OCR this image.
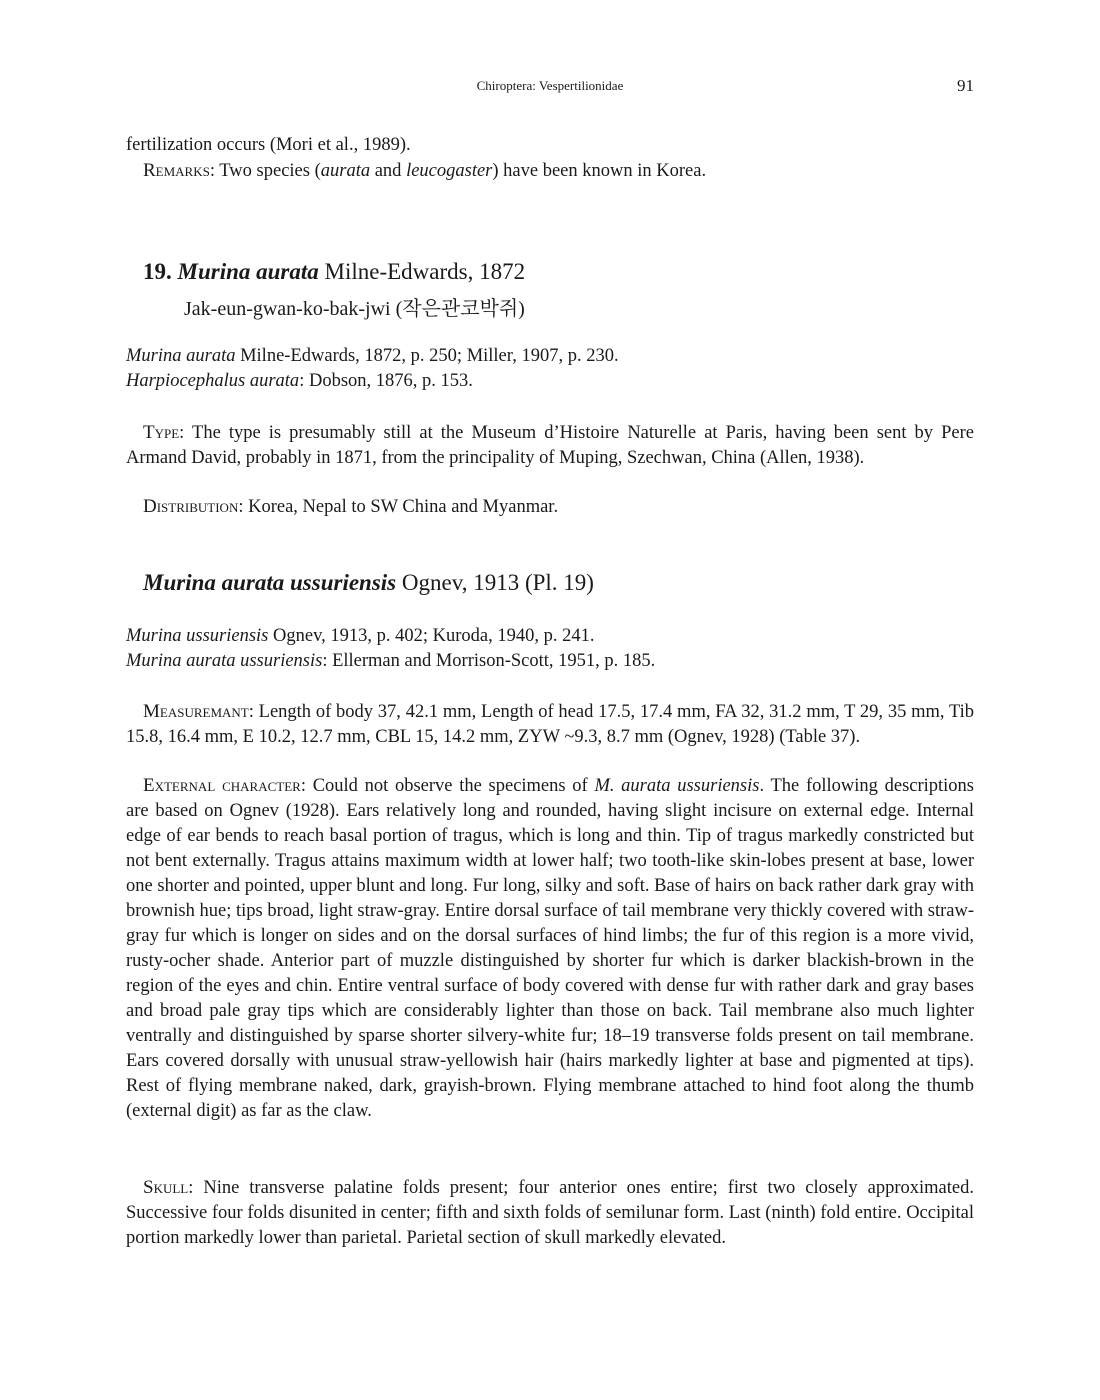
Chiroptera: Vespertilionidae	91
fertilization occurs (Mori et al., 1989).
Remarks: Two species (aurata and leucogaster) have been known in Korea.
19. Murina aurata Milne-Edwards, 1872
Jak-eun-gwan-ko-bak-jwi (작은관코박쥐)
Murina aurata Milne-Edwards, 1872, p. 250; Miller, 1907, p. 230.
Harpiocephalus aurata: Dobson, 1876, p. 153.
Type: The type is presumably still at the Museum d’Histoire Naturelle at Paris, having been sent by Pere Armand David, probably in 1871, from the principality of Muping, Szechwan, China (Allen, 1938).
Distribution: Korea, Nepal to SW China and Myanmar.
Murina aurata ussuriensis Ognev, 1913 (Pl. 19)
Murina ussuriensis Ognev, 1913, p. 402; Kuroda, 1940, p. 241.
Murina aurata ussuriensis: Ellerman and Morrison-Scott, 1951, p. 185.
Measuremant: Length of body 37, 42.1 mm, Length of head 17.5, 17.4 mm, FA 32, 31.2 mm, T 29, 35 mm, Tib 15.8, 16.4 mm, E 10.2, 12.7 mm, CBL 15, 14.2 mm, ZYW ~9.3, 8.7 mm (Ognev, 1928) (Table 37).
External character: Could not observe the specimens of M. aurata ussuriensis. The following descriptions are based on Ognev (1928). Ears relatively long and rounded, having slight incisure on external edge. Internal edge of ear bends to reach basal portion of tragus, which is long and thin. Tip of tragus markedly constricted but not bent externally. Tragus attains maximum width at lower half; two tooth-like skin-lobes present at base, lower one shorter and pointed, upper blunt and long. Fur long, silky and soft. Base of hairs on back rather dark gray with brownish hue; tips broad, light straw-gray. Entire dorsal surface of tail membrane very thickly covered with straw-gray fur which is longer on sides and on the dorsal surfaces of hind limbs; the fur of this region is a more vivid, rusty-ocher shade. Anterior part of muzzle distinguished by shorter fur which is darker blackish-brown in the region of the eyes and chin. Entire ventral surface of body covered with dense fur with rather dark and gray bases and broad pale gray tips which are considerably lighter than those on back. Tail membrane also much lighter ventrally and distinguished by sparse shorter silvery-white fur; 18–19 transverse folds present on tail membrane. Ears covered dorsally with unusual straw-yellowish hair (hairs markedly lighter at base and pigmented at tips). Rest of flying membrane naked, dark, grayish-brown. Flying membrane attached to hind foot along the thumb (external digit) as far as the claw.
Skull: Nine transverse palatine folds present; four anterior ones entire; first two closely approximated. Successive four folds disunited in center; fifth and sixth folds of semilunar form. Last (ninth) fold entire. Occipital portion markedly lower than parietal. Parietal section of skull markedly elevated.
